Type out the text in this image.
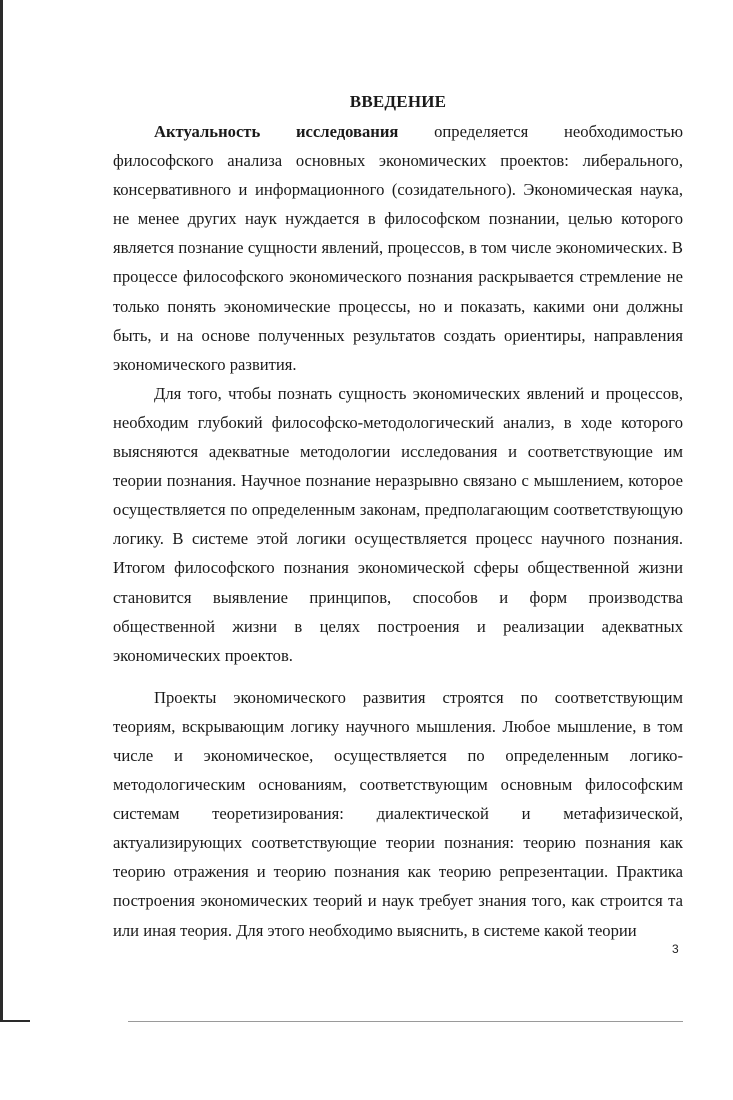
ВВЕДЕНИЕ

Актуальность исследования определяется необходимостью философского анализа основных экономических проектов: либерального, консервативного и информационного (созидательного). Экономическая наука, не менее других наук нуждается в философском познании, целью которого является познание сущности явлений, процессов, в том числе экономических. В процессе философского экономического познания раскрывается стремление не только понять экономические процессы, но и показать, какими они должны быть, и на основе полученных результатов создать ориентиры, направления экономического развития.

Для того, чтобы познать сущность экономических явлений и процессов, необходим глубокий философско-методологический анализ, в ходе которого выясняются адекватные методологии исследования и соответствующие им теории познания. Научное познание неразрывно связано с мышлением, которое осуществляется по определенным законам, предполагающим соответствующую логику. В системе этой логики осуществляется процесс научного познания. Итогом философского познания экономической сферы общественной жизни становится выявление принципов, способов и форм производства общественной жизни в целях построения и реализации адекватных экономических проектов.

Проекты экономического развития строятся по соответствующим теориям, вскрывающим логику научного мышления. Любое мышление, в том числе и экономическое, осуществляется по определенным логико-методологическим основаниям, соответствующим основным философским системам теоретизирования: диалектической и метафизической, актуализирующих соответствующие теории познания: теорию познания как теорию отражения и теорию познания как теорию репрезентации. Практика построения экономических теорий и наук требует знания того, как строится та или иная теория. Для этого необходимо выяснить, в системе какой теории

3
